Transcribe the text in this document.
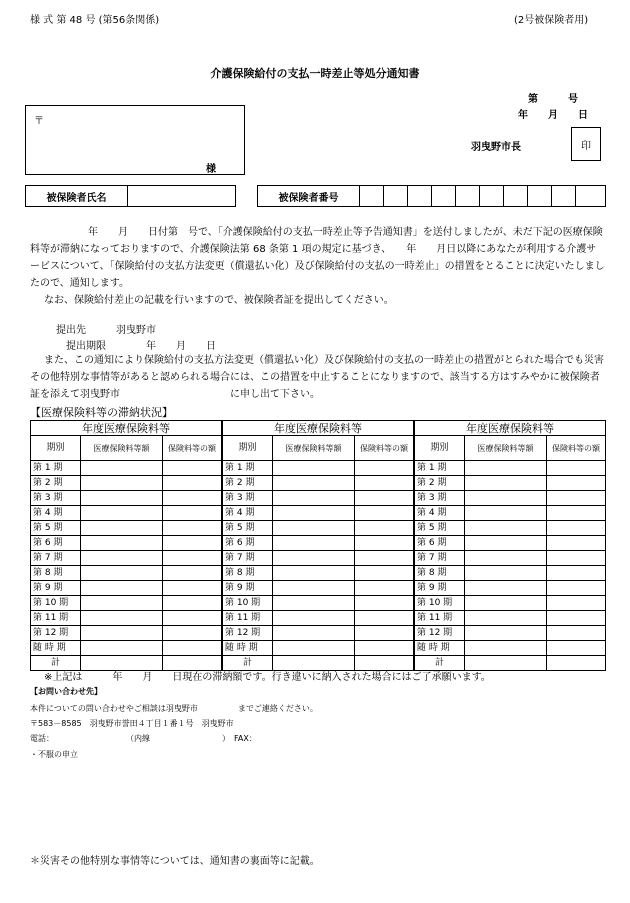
様 式 第 48 号 (第56条関係)	(2号被保険者用)
介護保険給付の支払一時差止等処分通知書
第　　　号
年　　月　　日
〒
様
羽曳野市長	印
被保険者氏名			被保険者番号										
　年　　月　　日付第　号で、「介護保険給付の支払一時差止等予告通知書」を送付しましたが、未だ下記の医療保険料等が滞納になっておりますので、介護保険法第 68 条第 1 項の規定に基づき、　　年　　月日以降にあなたが利用する介護サービスについて、「保険給付の支払方法変更（償還払い化）及び保険給付の支払の一時差止」の措置をとることに決定いたしましたので、通知します。
なお、保険給付差止の記載を行いますので、被保険者証を提出してください。
提出先　　　羽曳野市
提出期限　　　　年　　月　　日
また、この通知により保険給付の支払方法変更（償還払い化）及び保険給付の支払の一時差止の措置がとられた場合でも災害その他特別な事情等があると認められる場合には、この措置を中止することになりますので、該当する方はすみやかに被保険者証を添えて羽曳野市　　　　　　　　　　　に申し出て下さい。
【医療保険料等の滞納状況】
年度医療保険料等		
期別	医療保険料等額	保険料等の額
第 1 期		
第 2 期		
第 3 期		
第 4 期		
第 5 期		
第 6 期		
第 7 期		
第 8 期		
第 9 期		
第 10 期		
第 11 期		
第 12 期		
随 時 期		
計		
年度医療保険料等		
期別	医療保険料等額	保険料等の額
第 1 期		
第 2 期		
第 3 期		
第 4 期		
第 5 期		
第 6 期		
第 7 期		
第 8 期		
第 9 期		
第 10 期		
第 11 期		
第 12 期		
随 時 期		
計		
年度医療保険料等		
期別	医療保険料等額	保険料等の額
第 1 期		
第 2 期		
第 3 期		
第 4 期		
第 5 期		
第 6 期		
第 7 期		
第 8 期		
第 9 期		
第 10 期		
第 11 期		
第 12 期		
随 時 期		
計		
※上記は　　　年　　月　　日現在の滞納額です。行き違いに納入された場合にはご了承願います。
【お問い合わせ先】
本件についての問い合わせやご相談は羽曳野市　　　　　までご連絡ください。
〒583－8585　羽曳野市誉田４丁目１番１号　羽曳野市
電話：　　　　　　　　　　（内線　　　　　　　　　）　FAX：
・不服の申立
＊災害その他特別な事情等については、通知書の裏面等に記載。
